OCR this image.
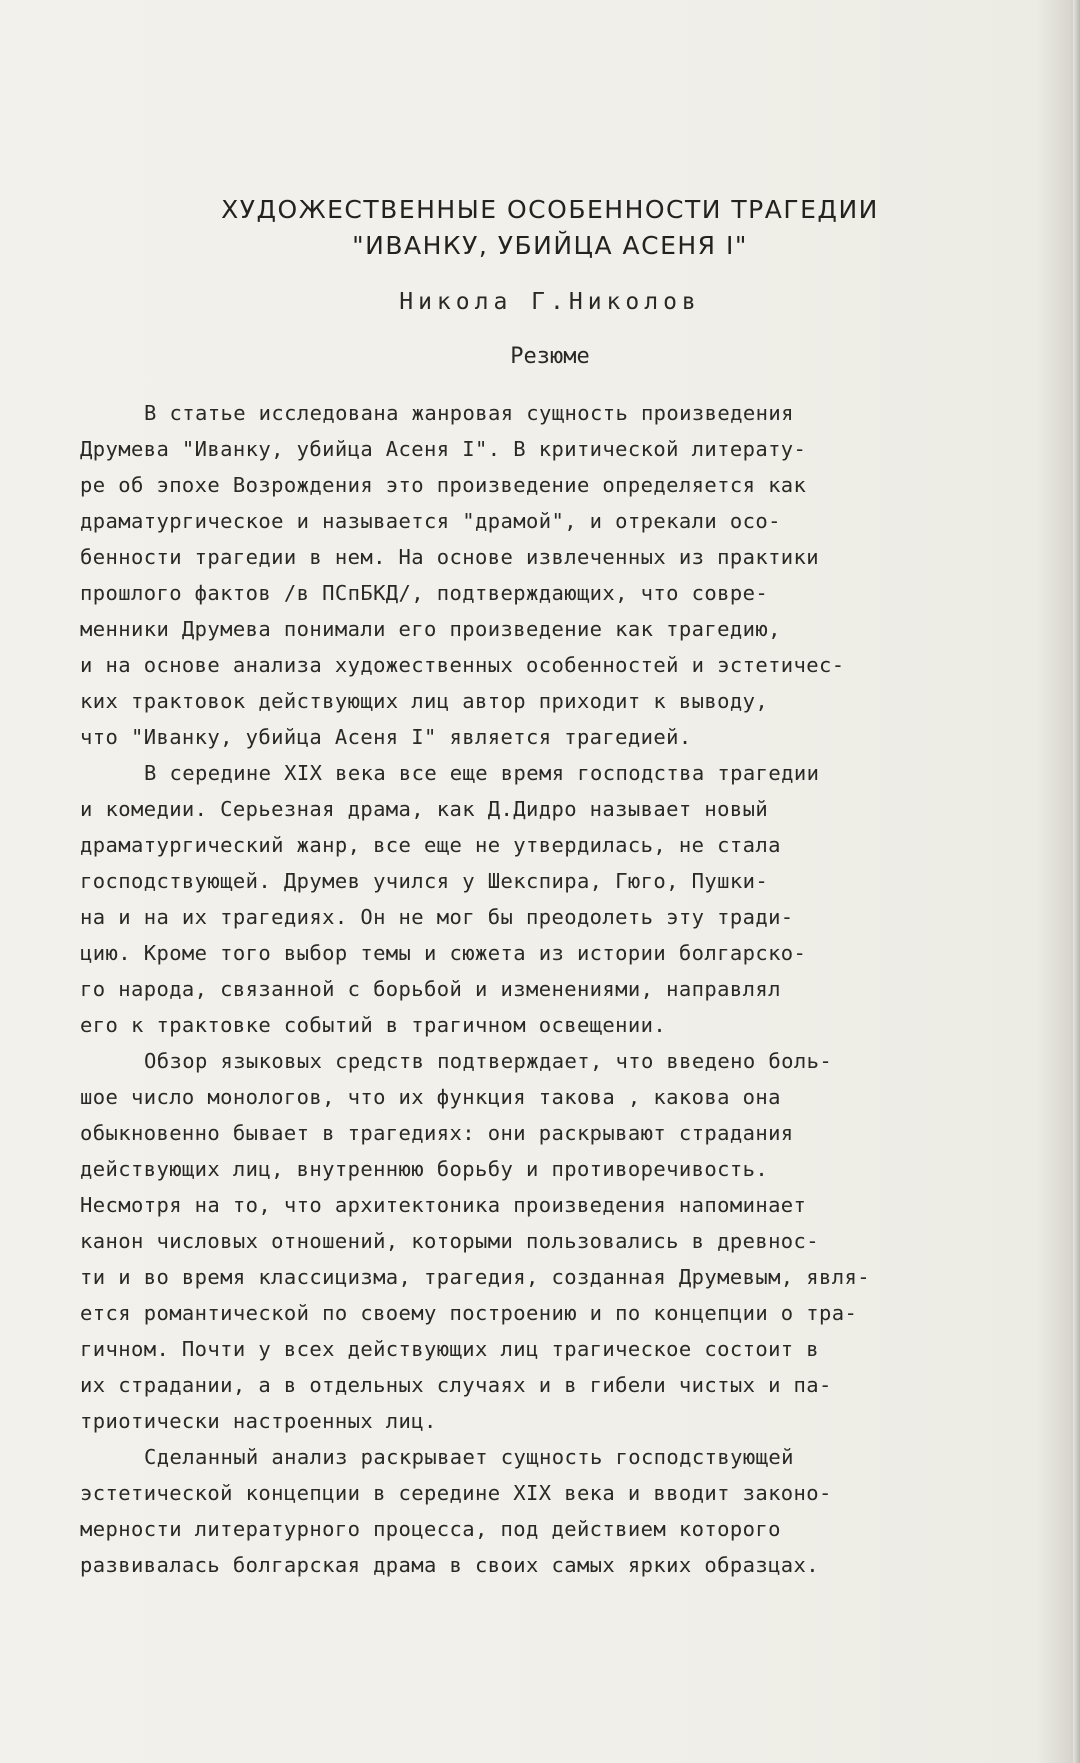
ХУДОЖЕСТВЕННЫЕ ОСОБЕННОСТИ ТРАГЕДИИ
"ИВАНКУ, УБИЙЦА АСЕНЯ I"
Никола Г.Николов
Резюме
В статье исследована жанровая сущность произведения
Друмева "Иванку, убийца Асеня I". В критической литерату-
ре об эпохе Возрождения это произведение определяется как
драматургическое и называется "драмой", и отрекали осо-
бенности трагедии в нем. На основе извлеченных из практики
прошлого фактов /в ПСпБКД/, подтверждающих, что совре-
менники Друмева понимали его произведение как трагедию,
и на основе анализа художественных особенностей и эстетичес-
ких трактовок действующих лиц автор приходит к выводу,
что "Иванку, убийца Асеня I" является трагедией.
В середине XIX века все еще время господства трагедии
и комедии. Серьезная драма, как Д.Дидро называет новый
драматургический жанр, все еще не утвердилась, не стала
господствующей. Друмев учился у Шекспира, Гюго, Пушки-
на и на их трагедиях. Он не мог бы преодолеть эту тради-
цию. Кроме того выбор темы и сюжета из истории болгарско-
го народа, связанной с борьбой и изменениями, направлял
его к трактовке событий в трагичном освещении.
Обзор языковых средств подтверждает, что введено боль-
шое число монологов, что их функция такова , какова она
обыкновенно бывает в трагедиях: они раскрывают страдания
действующих лиц, внутреннюю борьбу и противоречивость.
Несмотря на то, что архитектоника произведения напоминает
канон числовых отношений, которыми пользовались в древнос-
ти и во время классицизма, трагедия, созданная Друмевым, явля-
ется романтической по своему построению и по концепции о тра-
гичном. Почти у всех действующих лиц трагическое состоит в
их страдании, а в отдельных случаях и в гибели чистых и па-
триотически настроенных лиц.
Сделанный анализ раскрывает сущность господствующей
эстетической концепции в середине XIX века и вводит законо-
мерности литературного процесса, под действием которого
развивалась болгарская драма в своих самых ярких образцах.
